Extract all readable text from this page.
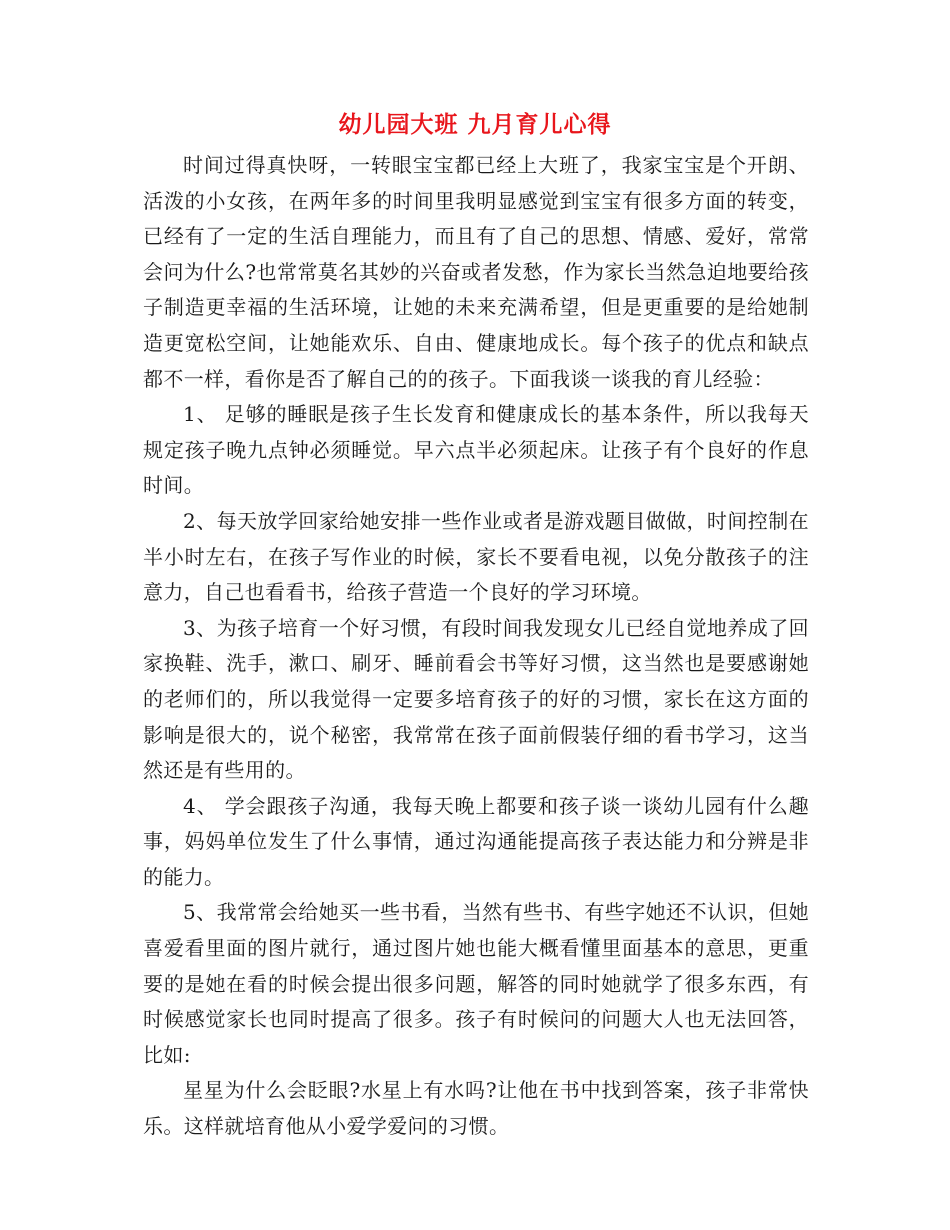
幼儿园大班 九月育儿心得

时间过得真快呀，一转眼宝宝都已经上大班了，我家宝宝是个开朗、活泼的小女孩，在两年多的时间里我明显感觉到宝宝有很多方面的转变，已经有了一定的生活自理能力，而且有了自己的思想、情感、爱好，常常会问为什么?也常常莫名其妙的兴奋或者发愁，作为家长当然急迫地要给孩子制造更幸福的生活环境，让她的未来充满希望，但是更重要的是给她制造更宽松空间，让她能欢乐、自由、健康地成长。每个孩子的优点和缺点都不一样，看你是否了解自己的的孩子。下面我谈一谈我的育儿经验：

1、 足够的睡眠是孩子生长发育和健康成长的基本条件，所以我每天规定孩子晚九点钟必须睡觉。早六点半必须起床。让孩子有个良好的作息时间。

2、每天放学回家给她安排一些作业或者是游戏题目做做，时间控制在半小时左右，在孩子写作业的时候，家长不要看电视，以免分散孩子的注意力，自己也看看书，给孩子营造一个良好的学习环境。

3、为孩子培育一个好习惯，有段时间我发现女儿已经自觉地养成了回家换鞋、洗手，漱口、刷牙、睡前看会书等好习惯，这当然也是要感谢她的老师们的，所以我觉得一定要多培育孩子的好的习惯，家长在这方面的影响是很大的，说个秘密，我常常在孩子面前假装仔细的看书学习，这当然还是有些用的。

4、 学会跟孩子沟通，我每天晚上都要和孩子谈一谈幼儿园有什么趣事，妈妈单位发生了什么事情，通过沟通能提高孩子表达能力和分辨是非的能力。

5、我常常会给她买一些书看，当然有些书、有些字她还不认识，但她喜爱看里面的图片就行，通过图片她也能大概看懂里面基本的意思，更重要的是她在看的时候会提出很多问题，解答的同时她就学了很多东西，有时候感觉家长也同时提高了很多。孩子有时候问的问题大人也无法回答，比如:

星星为什么会眨眼?水星上有水吗?让他在书中找到答案，孩子非常快乐。这样就培育他从小爱学爱问的习惯。
